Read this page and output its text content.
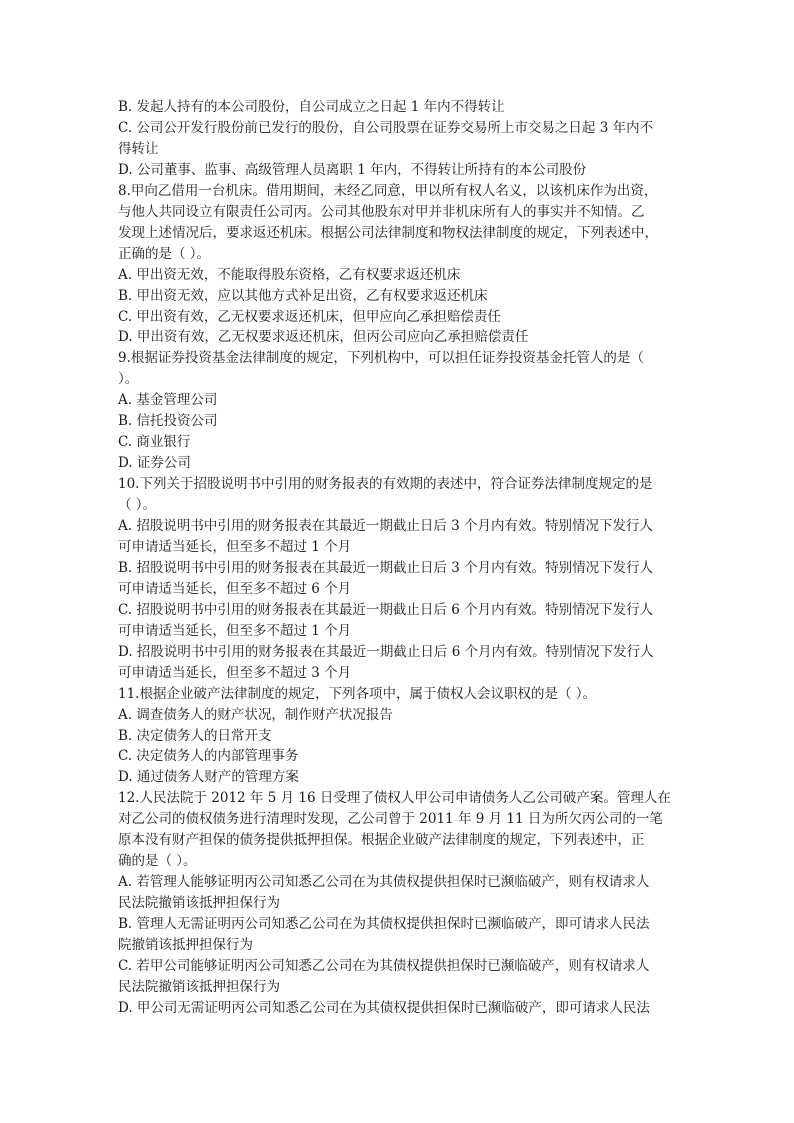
B. 发起人持有的本公司股份，自公司成立之日起 1 年内不得转让
C. 公司公开发行股份前已发行的股份，自公司股票在证券交易所上市交易之日起 3 年内不
得转让
D. 公司董事、监事、高级管理人员离职 1 年内，不得转让所持有的本公司股份
8.甲向乙借用一台机床。借用期间，未经乙同意，甲以所有权人名义，以该机床作为出资，
与他人共同设立有限责任公司丙。公司其他股东对甲并非机床所有人的事实并不知情。乙
发现上述情况后，要求返还机床。根据公司法律制度和物权法律制度的规定，下列表述中，
正确的是（ ）。
A. 甲出资无效，不能取得股东资格，乙有权要求返还机床
B. 甲出资无效，应以其他方式补足出资，乙有权要求返还机床
C. 甲出资有效，乙无权要求返还机床，但甲应向乙承担赔偿责任
D. 甲出资有效，乙无权要求返还机床，但丙公司应向乙承担赔偿责任
9.根据证券投资基金法律制度的规定，下列机构中，可以担任证券投资基金托管人的是（
）。
A. 基金管理公司
B. 信托投资公司
C. 商业银行
D. 证券公司
10.下列关于招股说明书中引用的财务报表的有效期的表述中，符合证券法律制度规定的是
（ ）。
A. 招股说明书中引用的财务报表在其最近一期截止日后 3 个月内有效。特别情况下发行人
可申请适当延长，但至多不超过 1 个月
B. 招股说明书中引用的财务报表在其最近一期截止日后 3 个月内有效。特别情况下发行人
可申请适当延长，但至多不超过 6 个月
C. 招股说明书中引用的财务报表在其最近一期截止日后 6 个月内有效。特别情况下发行人
可申请适当延长，但至多不超过 1 个月
D. 招股说明书中引用的财务报表在其最近一期截止日后 6 个月内有效。特别情况下发行人
可申请适当延长，但至多不超过 3 个月
11.根据企业破产法律制度的规定，下列各项中，属于债权人会议职权的是（ ）。
A. 调查债务人的财产状况，制作财产状况报告
B. 决定债务人的日常开支
C. 决定债务人的内部管理事务
D. 通过债务人财产的管理方案
12.人民法院于 2012 年 5 月 16 日受理了债权人甲公司申请债务人乙公司破产案。管理人在
对乙公司的债权债务进行清理时发现，乙公司曾于 2011 年 9 月 11 日为所欠丙公司的一笔
原本没有财产担保的债务提供抵押担保。根据企业破产法律制度的规定，下列表述中，正
确的是（ ）。
A. 若管理人能够证明丙公司知悉乙公司在为其债权提供担保时已濒临破产，则有权请求人
民法院撤销该抵押担保行为
B. 管理人无需证明丙公司知悉乙公司在为其债权提供担保时已濒临破产，即可请求人民法
院撤销该抵押担保行为
C. 若甲公司能够证明丙公司知悉乙公司在为其债权提供担保时已濒临破产，则有权请求人
民法院撤销该抵押担保行为
D. 甲公司无需证明丙公司知悉乙公司在为其债权提供担保时已濒临破产，即可请求人民法
